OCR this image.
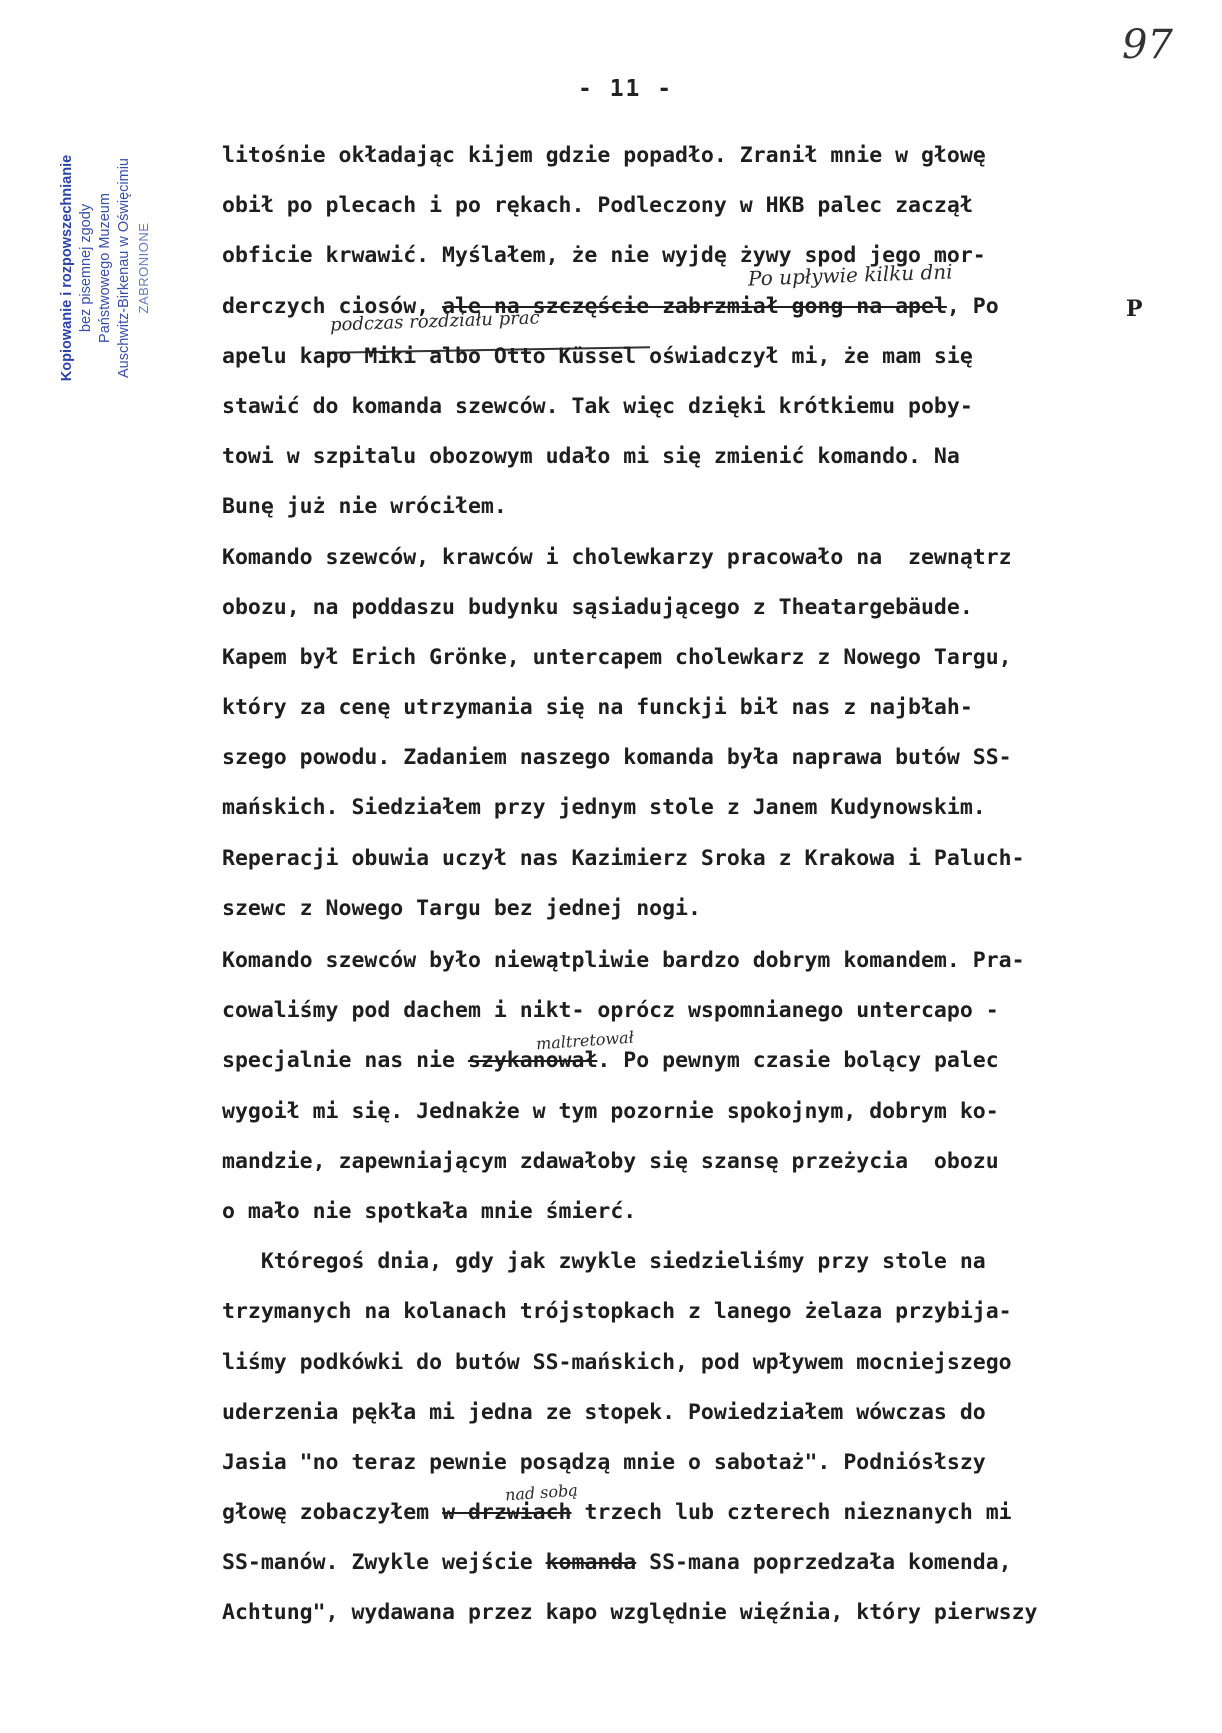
Kopiowanie i rozpowszechnianie bez pisemnej zgody Państwowego Muzeum Auschwitz-Birkenau w Oświęcimiu ZABRONIONE
97
- 11 -
Po upływie kilku dni
podczas rozdziału prac	P
maltretował
nad sobą
litośnie okładając kijem gdzie popadło. Zranił mnie w głowę
obił po plecach i po rękach. Podleczony w HKB palec zaczął
obficie krwawić. Myślałem, że nie wyjdę żywy spod jego mor-
derczych ciosów, ale na szczęście zabrzmiał gong na apel, Po
apelu kapo Miki albo Otto Küssel oświadczył mi, że mam się
stawić do komanda szewców. Tak więc dzięki krótkiemu poby-
towi w szpitalu obozowym udało mi się zmienić komando. Na
Bunę już nie wróciłem.
Komando szewców, krawców i cholewkarzy pracowało na  zewnątrz
obozu, na poddaszu budynku sąsiadującego z Theatargebäude.
Kapem był Erich Grönke, untercapem cholewkarz z Nowego Targu,
który za cenę utrzymania się na funckji bił nas z najbłah-
szego powodu. Zadaniem naszego komanda była naprawa butów SS-
mańskich. Siedziałem przy jednym stole z Janem Kudynowskim.
Reperacji obuwia uczył nas Kazimierz Sroka z Krakowa i Paluch-
szewc z Nowego Targu bez jednej nogi.
Komando szewców było niewątpliwie bardzo dobrym komandem. Pra-
cowaliśmy pod dachem i nikt- oprócz wspomnianego untercapo -
specjalnie nas nie szykanował. Po pewnym czasie bolący palec
wygoił mi się. Jednakże w tym pozornie spokojnym, dobrym ko-
mandzie, zapewniającym zdawałoby się szansę przeżycia  obozu
o mało nie spotkała mnie śmierć.
Któregoś dnia, gdy jak zwykle siedzieliśmy przy stole na
trzymanych na kolanach trójstopkach z lanego żelaza przybija-
liśmy podkówki do butów SS-mańskich, pod wpływem mocniejszego
uderzenia pękła mi jedna ze stopek. Powiedziałem wówczas do
Jasia "no teraz pewnie posądzą mnie o sabotaż". Podniósłszy
głowę zobaczyłem w drzwiach trzech lub czterech nieznanych mi
SS-manów. Zwykle wejście komanda SS-mana poprzedzała komenda,
Achtung", wydawana przez kapo względnie więźnia, który pierwszy
